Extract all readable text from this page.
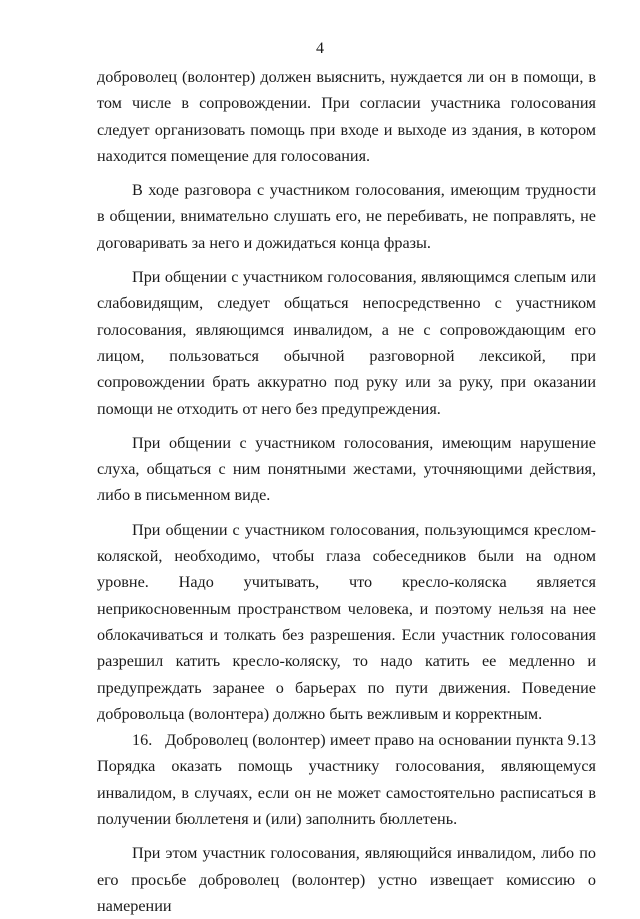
4

доброволец (волонтер) должен выяснить, нуждается ли он в помощи, в том числе в сопровождении. При согласии участника голосования следует организовать помощь при входе и выходе из здания, в котором находится помещение для голосования.

В ходе разговора с участником голосования, имеющим трудности в общении, внимательно слушать его, не перебивать, не поправлять, не договаривать за него и дожидаться конца фразы.

При общении с участником голосования, являющимся слепым или слабовидящим, следует общаться непосредственно с участником голосования, являющимся инвалидом, а не с сопровождающим его лицом, пользоваться обычной разговорной лексикой, при сопровождении брать аккуратно под руку или за руку, при оказании помощи не отходить от него без предупреждения.

При общении с участником голосования, имеющим нарушение слуха, общаться с ним понятными жестами, уточняющими действия, либо в письменном виде.

При общении с участником голосования, пользующимся креслом-коляской, необходимо, чтобы глаза собеседников были на одном уровне. Надо учитывать, что кресло-коляска является неприкосновенным пространством человека, и поэтому нельзя на нее облокачиваться и толкать без разрешения. Если участник голосования разрешил катить кресло-коляску, то надо катить ее медленно и предупреждать заранее о барьерах по пути движения. Поведение добровольца (волонтера) должно быть вежливым и корректным.

16.   Доброволец (волонтер) имеет право на основании пункта 9.13 Порядка оказать помощь участнику голосования, являющемуся инвалидом, в случаях, если он не может самостоятельно расписаться в получении бюллетеня и (или) заполнить бюллетень.

При этом участник голосования, являющийся инвалидом, либо по его просьбе доброволец (волонтер) устно извещает комиссию о намерении
